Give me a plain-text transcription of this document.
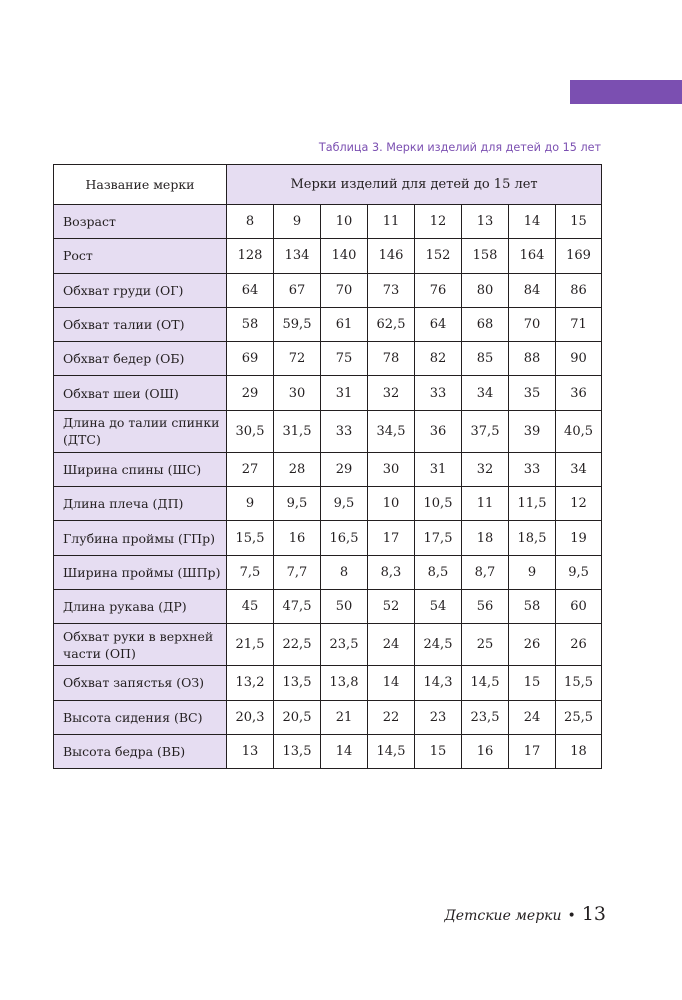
Таблица 3. Мерки изделий для детей до 15 лет
Название мерки	Мерки изделий для детей до 15 лет							
Возраст	8	9	10	11	12	13	14	15
Рост	128	134	140	146	152	158	164	169
Обхват груди (ОГ)	64	67	70	73	76	80	84	86
Обхват талии (ОТ)	58	59,5	61	62,5	64	68	70	71
Обхват бедер (ОБ)	69	72	75	78	82	85	88	90
Обхват шеи (ОШ)	29	30	31	32	33	34	35	36
Длина до талии спинки (ДТС)	30,5	31,5	33	34,5	36	37,5	39	40,5
Ширина спины (ШС)	27	28	29	30	31	32	33	34
Длина плеча (ДП)	9	9,5	9,5	10	10,5	11	11,5	12
Глубина проймы (ГПр)	15,5	16	16,5	17	17,5	18	18,5	19
Ширина проймы (ШПр)	7,5	7,7	8	8,3	8,5	8,7	9	9,5
Длина рукава (ДР)	45	47,5	50	52	54	56	58	60
Обхват руки в верхней части (ОП)	21,5	22,5	23,5	24	24,5	25	26	26
Обхват запястья (ОЗ)	13,2	13,5	13,8	14	14,3	14,5	15	15,5
Высота сидения (ВС)	20,3	20,5	21	22	23	23,5	24	25,5
Высота бедра (ВБ)	13	13,5	14	14,5	15	16	17	18
Детские мерки • 13
